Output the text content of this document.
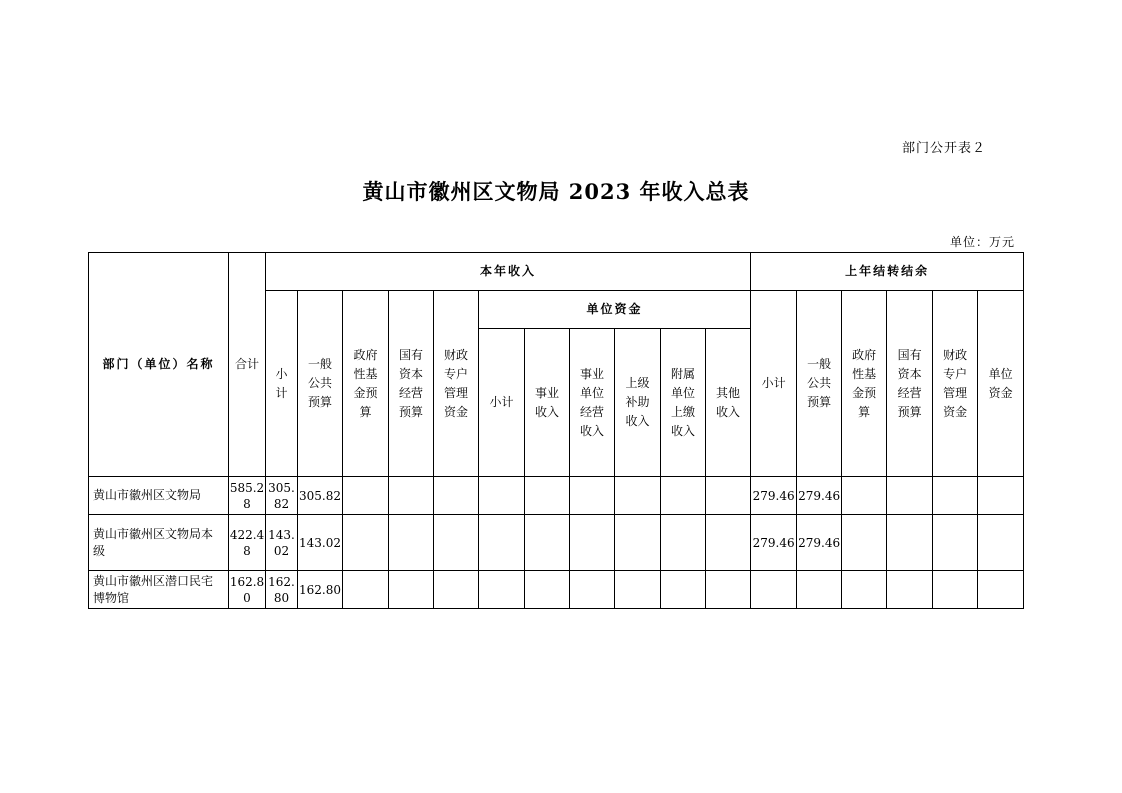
部门公开表２
黄山市徽州区文物局 2023 年收入总表
单位：万元
部门（单位）名称	合计	本年收入											上年结转结余					
		小计	一般公共预算	政府性基金预算	国有资本经营预算	财政专户管理资金	单位资金						小计	一般公共预算	政府性基金预算	国有资本经营预算	财政专户管理资金	单位资金
							小计	事业收入	事业单位经营收入	上级补助收入	附属单位上缴收入	其他收入						
黄山市徽州区文物局	585.28	305.82	305.82										279.46	279.46				
黄山市徽州区文物局本级	422.48	143.02	143.02										279.46	279.46				
黄山市徽州区潜口民宅博物馆	162.80	162.80	162.80															
